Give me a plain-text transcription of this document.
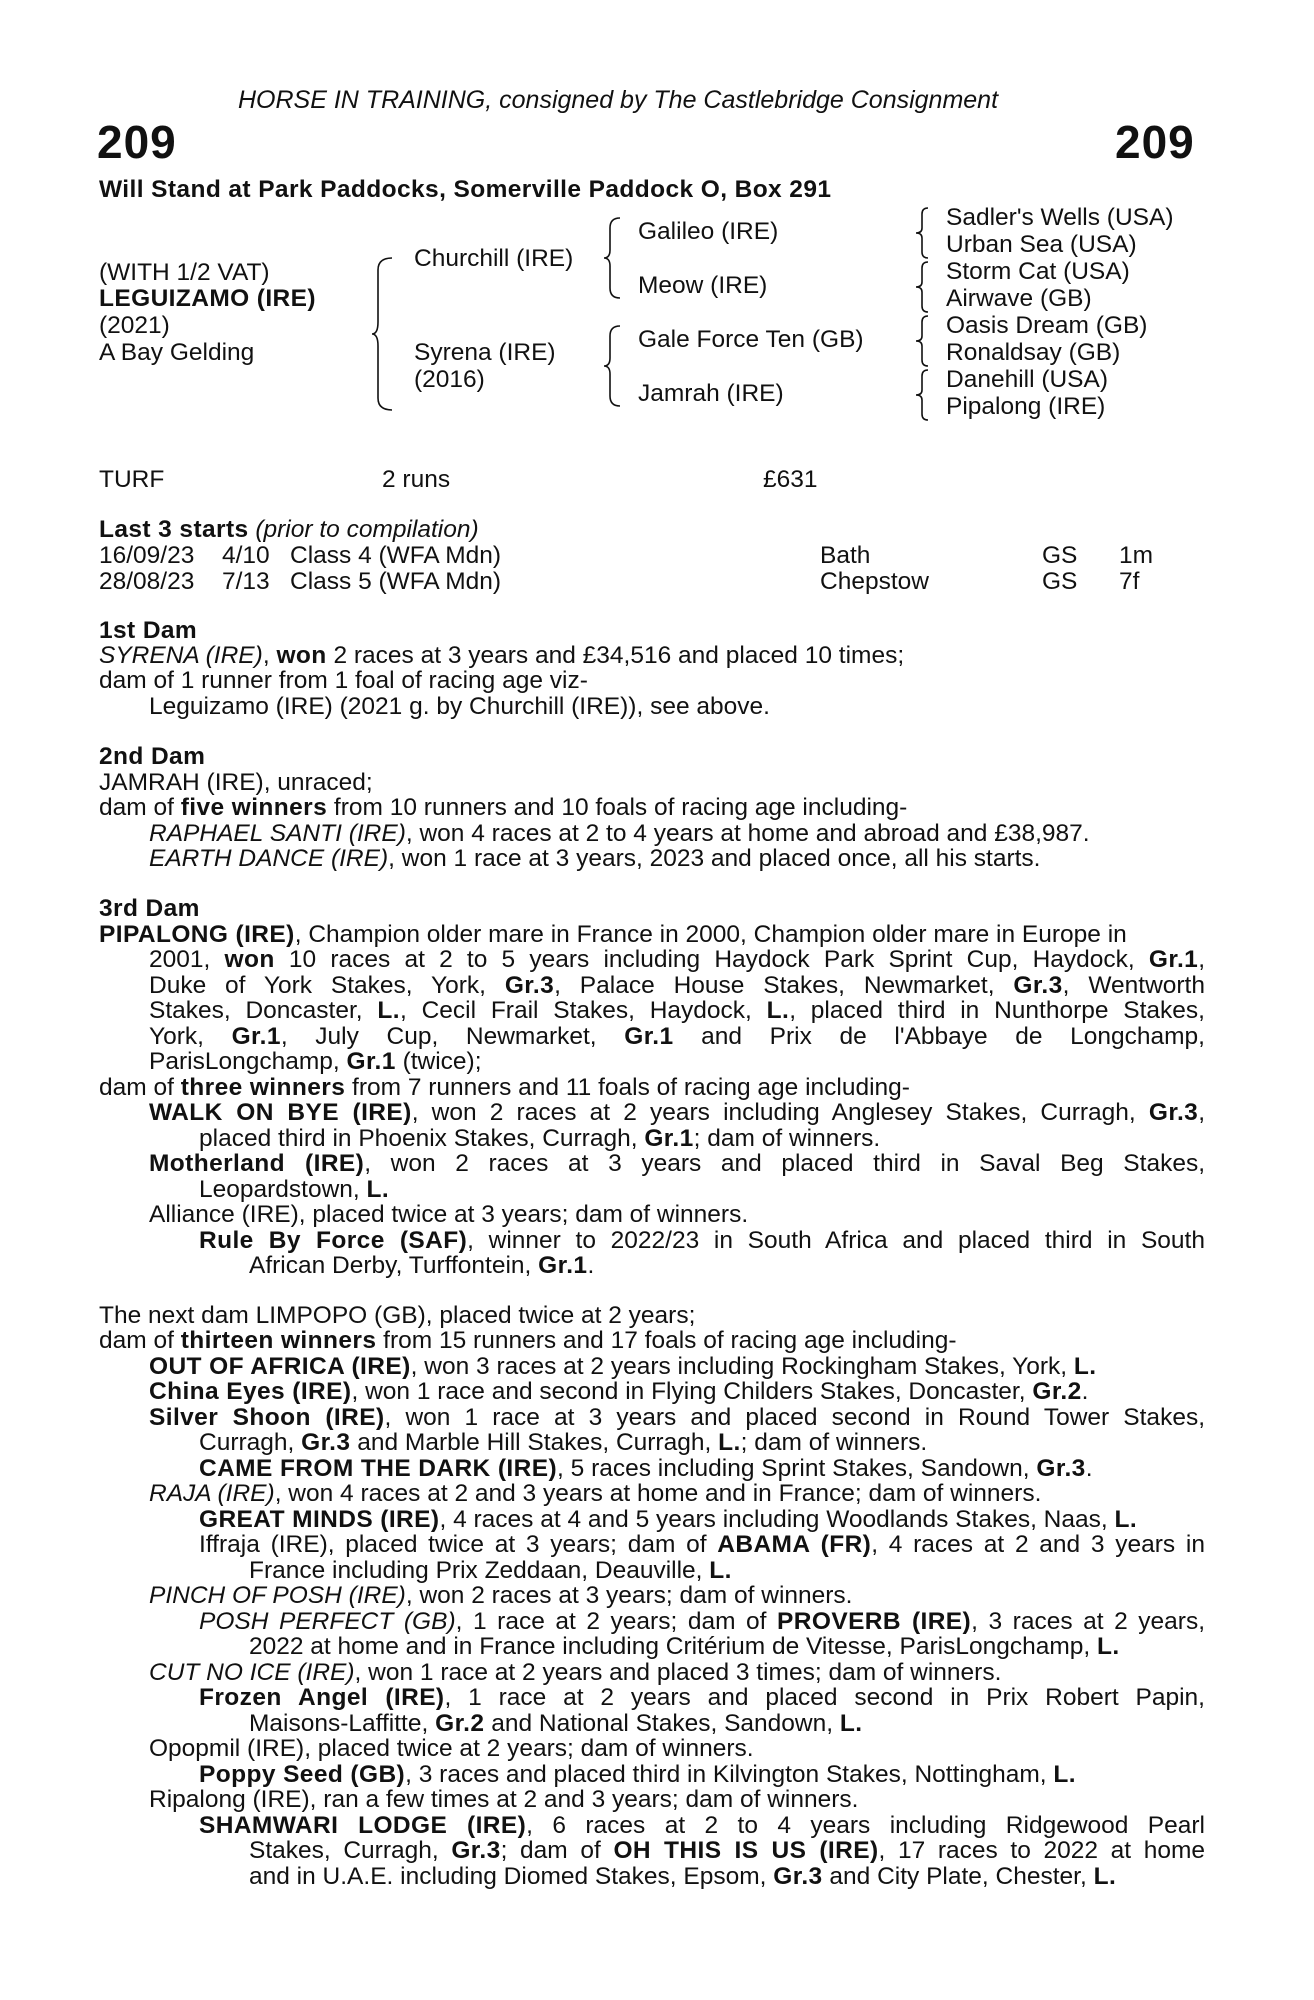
HORSE IN TRAINING, consigned by The Castlebridge Consignment
209	209
Will Stand at Park Paddocks, Somerville Paddock O, Box 291
(WITH 1/2 VAT)
LEGUIZAMO (IRE)
(2021)
A Bay Gelding
Churchill (IRE)
Syrena (IRE)
(2016)
Galileo (IRE)
Meow (IRE)
Gale Force Ten (GB)
Jamrah (IRE)
Sadler's Wells (USA)
Urban Sea (USA)
Storm Cat (USA)
Airwave (GB)
Oasis Dream (GB)
Ronaldsay (GB)
Danehill (USA)
Pipalong (IRE)
TURF	2 runs	£631
Last 3 starts (prior to compilation)
16/09/23 4/10 Class 4 (WFA Mdn)	Bath	GS 1m
28/08/23 7/13 Class 5 (WFA Mdn)	Chepstow	GS 7f
1st Dam
SYRENA (IRE), won 2 races at 3 years and £34,516 and placed 10 times;
dam of 1 runner from 1 foal of racing age viz-
Leguizamo (IRE) (2021 g. by Churchill (IRE)), see above.
2nd Dam
JAMRAH (IRE), unraced;
dam of five winners from 10 runners and 10 foals of racing age including-
RAPHAEL SANTI (IRE), won 4 races at 2 to 4 years at home and abroad and £38,987.
EARTH DANCE (IRE), won 1 race at 3 years, 2023 and placed once, all his starts.
3rd Dam
PIPALONG (IRE), Champion older mare in France in 2000, Champion older mare in Europe in
2001, won 10 races at 2 to 5 years including Haydock Park Sprint Cup, Haydock, Gr.1,
Duke of York Stakes, York, Gr.3, Palace House Stakes, Newmarket, Gr.3, Wentworth
Stakes, Doncaster, L., Cecil Frail Stakes, Haydock, L., placed third in Nunthorpe Stakes,
York, Gr.1, July Cup, Newmarket, Gr.1 and Prix de l'Abbaye de Longchamp,
ParisLongchamp, Gr.1 (twice);
dam of three winners from 7 runners and 11 foals of racing age including-
WALK ON BYE (IRE), won 2 races at 2 years including Anglesey Stakes, Curragh, Gr.3,
placed third in Phoenix Stakes, Curragh, Gr.1; dam of winners.
Motherland (IRE), won 2 races at 3 years and placed third in Saval Beg Stakes,
Leopardstown, L.
Alliance (IRE), placed twice at 3 years; dam of winners.
Rule By Force (SAF), winner to 2022/23 in South Africa and placed third in South
African Derby, Turffontein, Gr.1.
The next dam LIMPOPO (GB), placed twice at 2 years;
dam of thirteen winners from 15 runners and 17 foals of racing age including-
OUT OF AFRICA (IRE), won 3 races at 2 years including Rockingham Stakes, York, L.
China Eyes (IRE), won 1 race and second in Flying Childers Stakes, Doncaster, Gr.2.
Silver Shoon (IRE), won 1 race at 3 years and placed second in Round Tower Stakes,
Curragh, Gr.3 and Marble Hill Stakes, Curragh, L.; dam of winners.
CAME FROM THE DARK (IRE), 5 races including Sprint Stakes, Sandown, Gr.3.
RAJA (IRE), won 4 races at 2 and 3 years at home and in France; dam of winners.
GREAT MINDS (IRE), 4 races at 4 and 5 years including Woodlands Stakes, Naas, L.
Iffraja (IRE), placed twice at 3 years; dam of ABAMA (FR), 4 races at 2 and 3 years in
France including Prix Zeddaan, Deauville, L.
PINCH OF POSH (IRE), won 2 races at 3 years; dam of winners.
POSH PERFECT (GB), 1 race at 2 years; dam of PROVERB (IRE), 3 races at 2 years,
2022 at home and in France including Critérium de Vitesse, ParisLongchamp, L.
CUT NO ICE (IRE), won 1 race at 2 years and placed 3 times; dam of winners.
Frozen Angel (IRE), 1 race at 2 years and placed second in Prix Robert Papin,
Maisons-Laffitte, Gr.2 and National Stakes, Sandown, L.
Opopmil (IRE), placed twice at 2 years; dam of winners.
Poppy Seed (GB), 3 races and placed third in Kilvington Stakes, Nottingham, L.
Ripalong (IRE), ran a few times at 2 and 3 years; dam of winners.
SHAMWARI LODGE (IRE), 6 races at 2 to 4 years including Ridgewood Pearl
Stakes, Curragh, Gr.3; dam of OH THIS IS US (IRE), 17 races to 2022 at home
and in U.A.E. including Diomed Stakes, Epsom, Gr.3 and City Plate, Chester, L.
